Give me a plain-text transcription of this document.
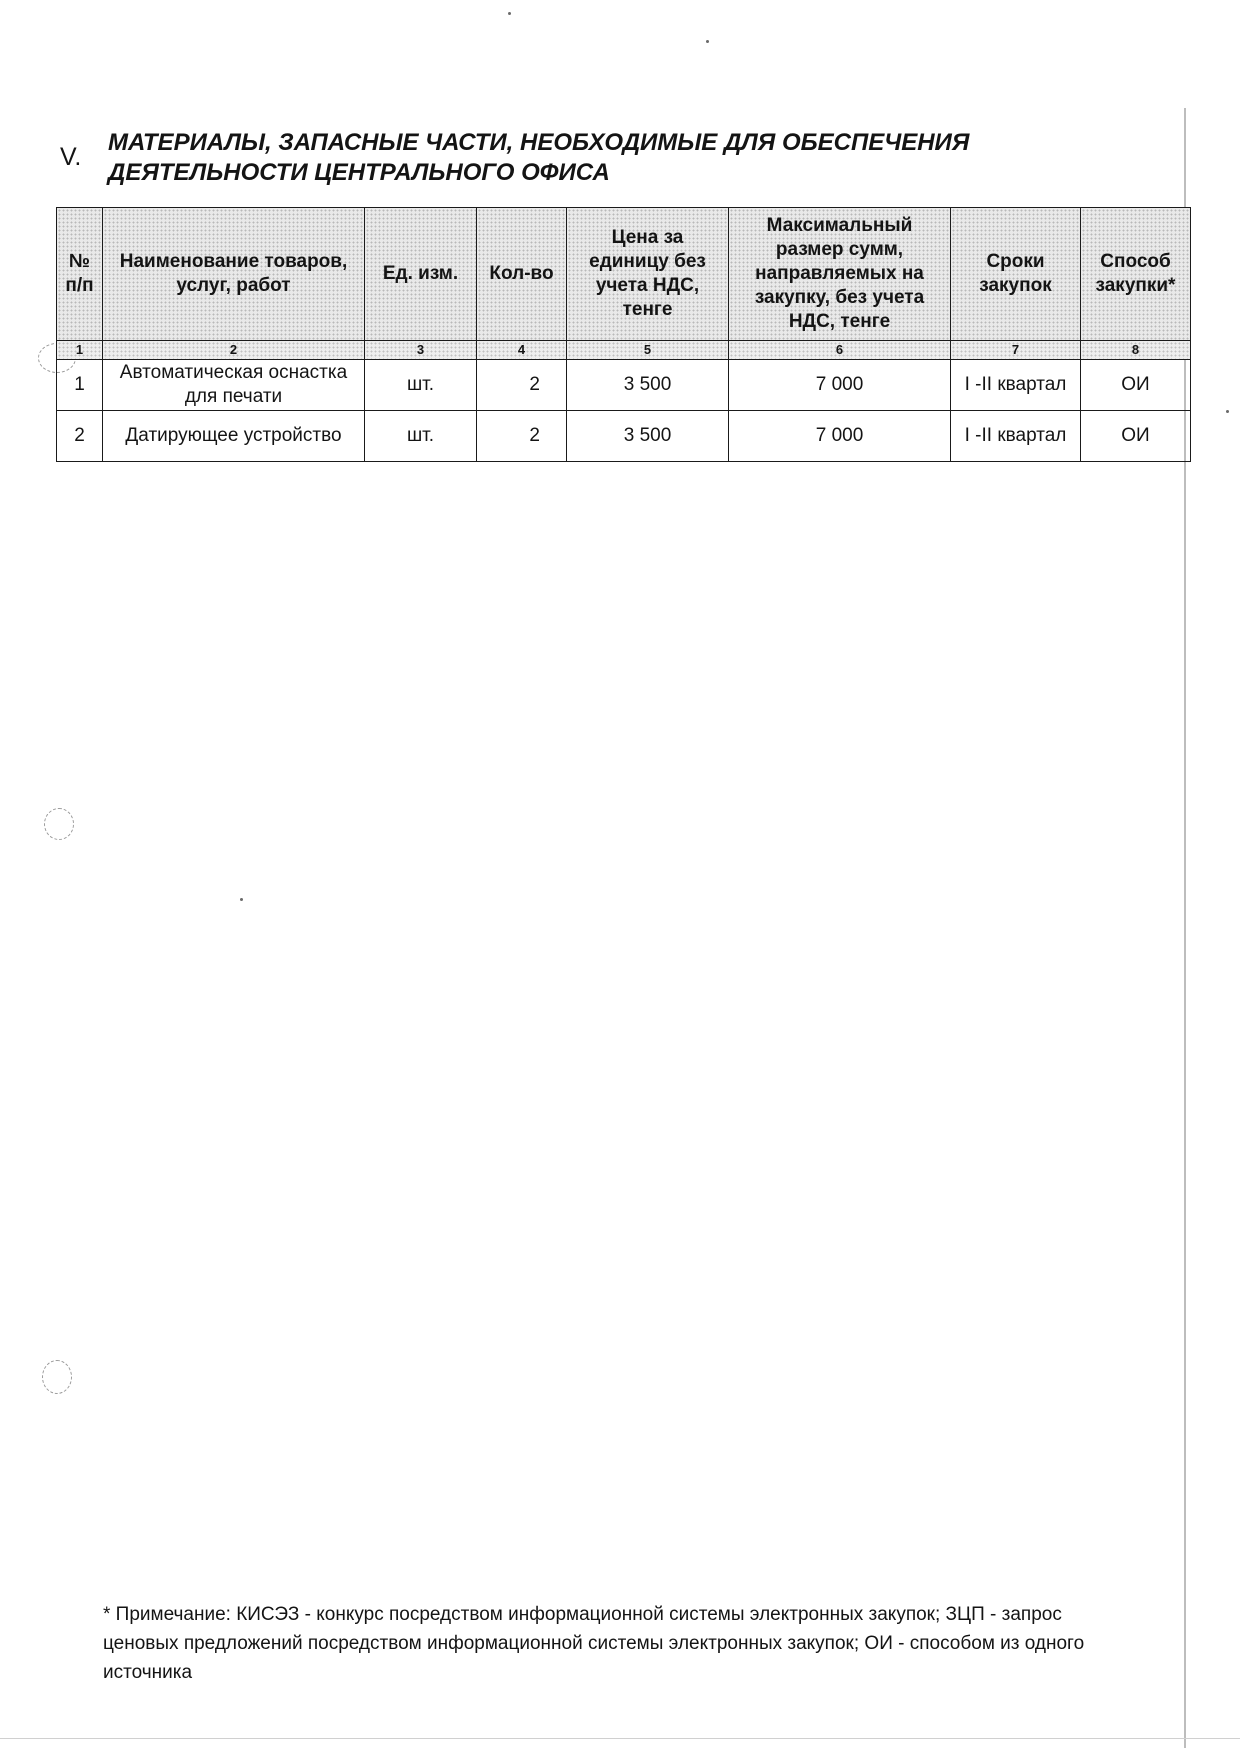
V.
МАТЕРИАЛЫ, ЗАПАСНЫЕ ЧАСТИ, НЕОБХОДИМЫЕ ДЛЯ ОБЕСПЕЧЕНИЯ
ДЕЯТЕЛЬНОСТИ ЦЕНТРАЛЬНОГО ОФИСА
№ п/п	Наименование товаров, услуг, работ	Ед. изм.	Кол-во	Цена за единицу без учета НДС, тенге	Максимальный размер сумм, направляемых на закупку, без учета НДС, тенге	Сроки закупок	Способ закупки*
1	2	3	4	5	6	7	8
1	Автоматическая оснастка для печати	шт.	2	3 500	7 000	I -II квартал	ОИ
2	Датирующее устройство	шт.	2	3 500	7 000	I -II квартал	ОИ
* Примечание: КИСЭЗ - конкурс посредством информационной системы электронных закупок; ЗЦП - запрос ценовых предложений посредством информационной системы электронных закупок; ОИ - способом из одного источника
